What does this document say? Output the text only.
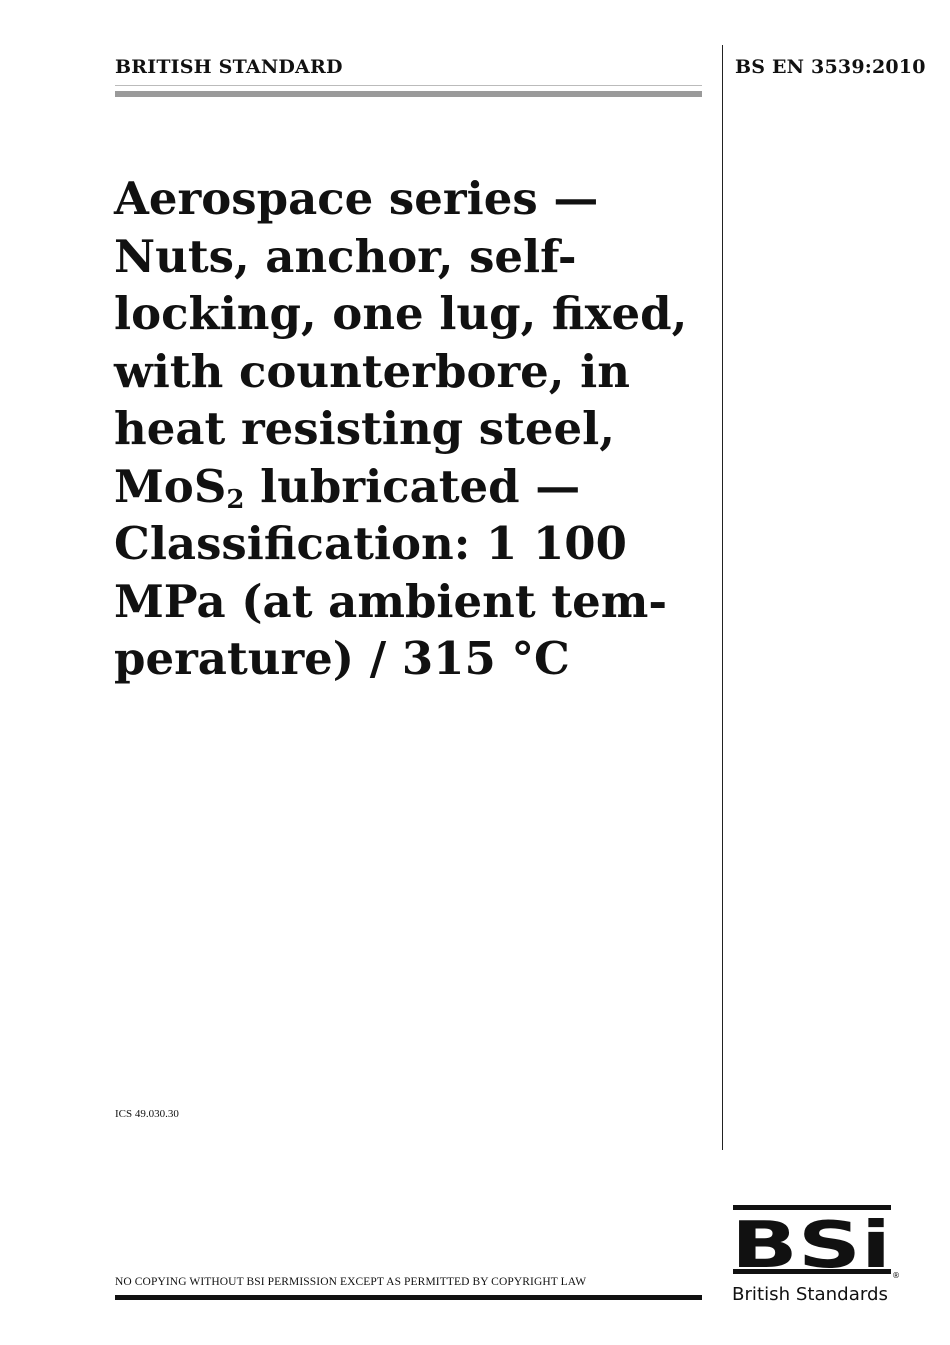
BRITISH STANDARD	BS EN 3539:2010
Aerospace series —
Nuts, anchor, self-
locking, one lug, fixed,
with counterbore, in
heat resisting steel,
MoS$_2$ lubricated —
Classification: 1 100
MPa (at ambient tem-
perature) / 315 °C
ICS 49.030.30
NO COPYING WITHOUT BSI PERMISSION EXCEPT AS PERMITTED BY COPYRIGHT LAW BSi ®
British Standards
